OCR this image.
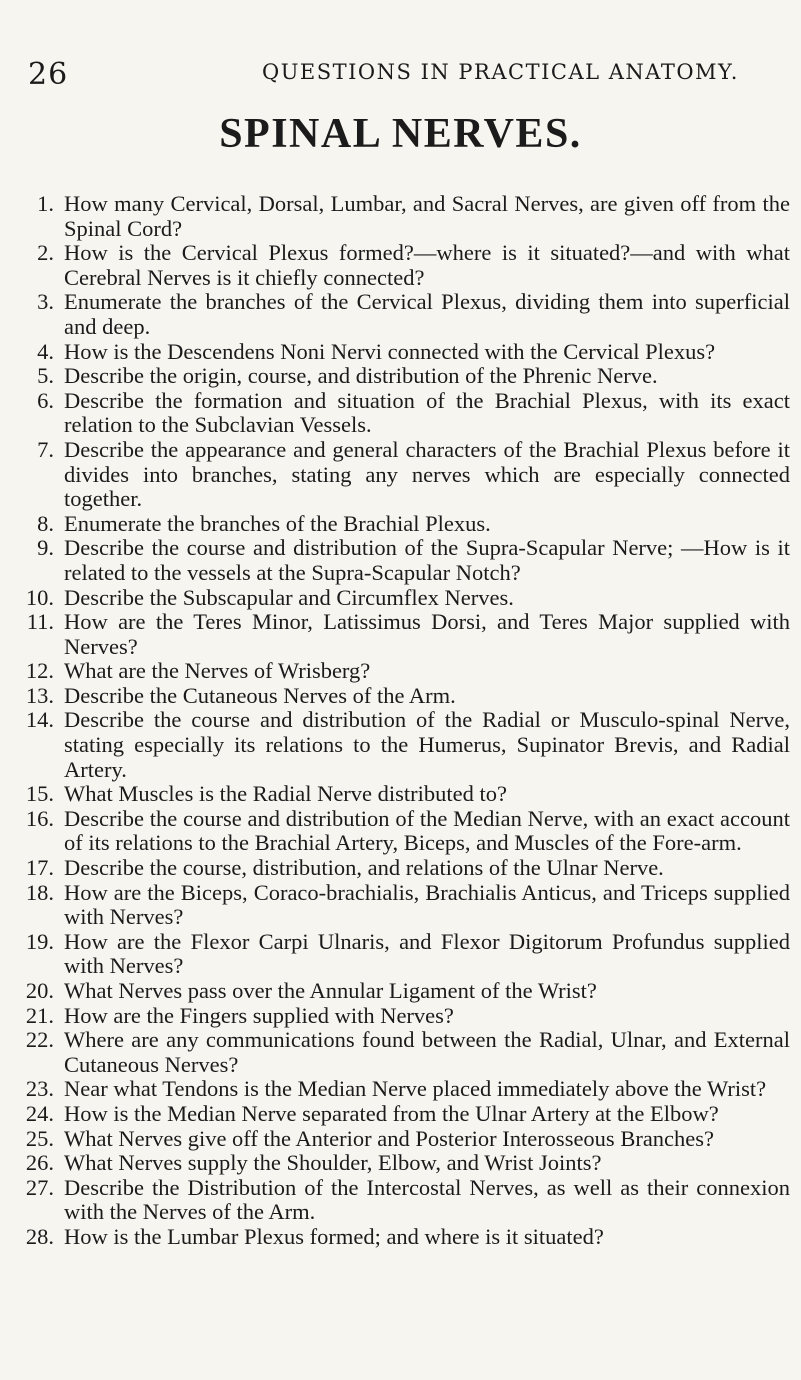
26	QUESTIONS IN PRACTICAL ANATOMY.
SPINAL NERVES.
1. How many Cervical, Dorsal, Lumbar, and Sacral Nerves, are given off from the Spinal Cord?
2. How is the Cervical Plexus formed?—where is it situated?—and with what Cerebral Nerves is it chiefly connected?
3. Enumerate the branches of the Cervical Plexus, dividing them into superficial and deep.
4. How is the Descendens Noni Nervi connected with the Cervical Plexus?
5. Describe the origin, course, and distribution of the Phrenic Nerve.
6. Describe the formation and situation of the Brachial Plexus, with its exact relation to the Subclavian Vessels.
7. Describe the appearance and general characters of the Brachial Plexus before it divides into branches, stating any nerves which are especially connected together.
8. Enumerate the branches of the Brachial Plexus.
9. Describe the course and distribution of the Supra-Scapular Nerve; —How is it related to the vessels at the Supra-Scapular Notch?
10. Describe the Subscapular and Circumflex Nerves.
11. How are the Teres Minor, Latissimus Dorsi, and Teres Major supplied with Nerves?
12. What are the Nerves of Wrisberg?
13. Describe the Cutaneous Nerves of the Arm.
14. Describe the course and distribution of the Radial or Musculo-spinal Nerve, stating especially its relations to the Humerus, Supinator Brevis, and Radial Artery.
15. What Muscles is the Radial Nerve distributed to?
16. Describe the course and distribution of the Median Nerve, with an exact account of its relations to the Brachial Artery, Biceps, and Muscles of the Fore-arm.
17. Describe the course, distribution, and relations of the Ulnar Nerve.
18. How are the Biceps, Coraco-brachialis, Brachialis Anticus, and Triceps supplied with Nerves?
19. How are the Flexor Carpi Ulnaris, and Flexor Digitorum Profundus supplied with Nerves?
20. What Nerves pass over the Annular Ligament of the Wrist?
21. How are the Fingers supplied with Nerves?
22. Where are any communications found between the Radial, Ulnar, and External Cutaneous Nerves?
23. Near what Tendons is the Median Nerve placed immediately above the Wrist?
24. How is the Median Nerve separated from the Ulnar Artery at the Elbow?
25. What Nerves give off the Anterior and Posterior Interosseous Branches?
26. What Nerves supply the Shoulder, Elbow, and Wrist Joints?
27. Describe the Distribution of the Intercostal Nerves, as well as their connexion with the Nerves of the Arm.
28. How is the Lumbar Plexus formed; and where is it situated?
